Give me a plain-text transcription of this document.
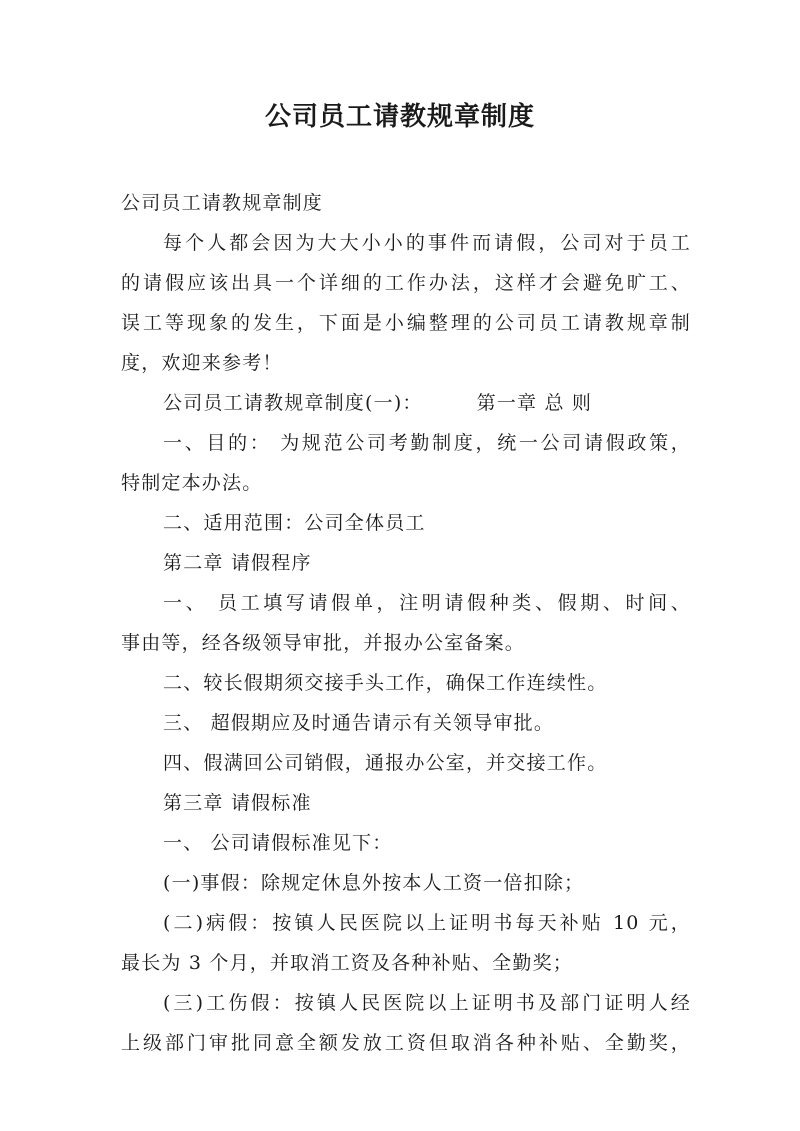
公司员工请教规章制度
公司员工请教规章制度
每个人都会因为大大小小的事件而请假，公司对于员工
的请假应该出具一个详细的工作办法，这样才会避免旷工、
误工等现象的发生，下面是小编整理的公司员工请教规章制
度，欢迎来参考！
公司员工请教规章制度(一)：	第一章 总 则
一、目的： 为规范公司考勤制度，统一公司请假政策，
特制定本办法。
二、适用范围：公司全体员工
第二章 请假程序
一、 员工填写请假单，注明请假种类、假期、时间、
事由等，经各级领导审批，并报办公室备案。
二、较长假期须交接手头工作，确保工作连续性。
三、 超假期应及时通告请示有关领导审批。
四、假满回公司销假，通报办公室，并交接工作。
第三章 请假标准
一、 公司请假标准见下：
(一)事假：除规定休息外按本人工资一倍扣除；
(二)病假：按镇人民医院以上证明书每天补贴 10 元，
最长为 3 个月，并取消工资及各种补贴、全勤奖；
(三)工伤假：按镇人民医院以上证明书及部门证明人经
上级部门审批同意全额发放工资但取消各种补贴、全勤奖，
